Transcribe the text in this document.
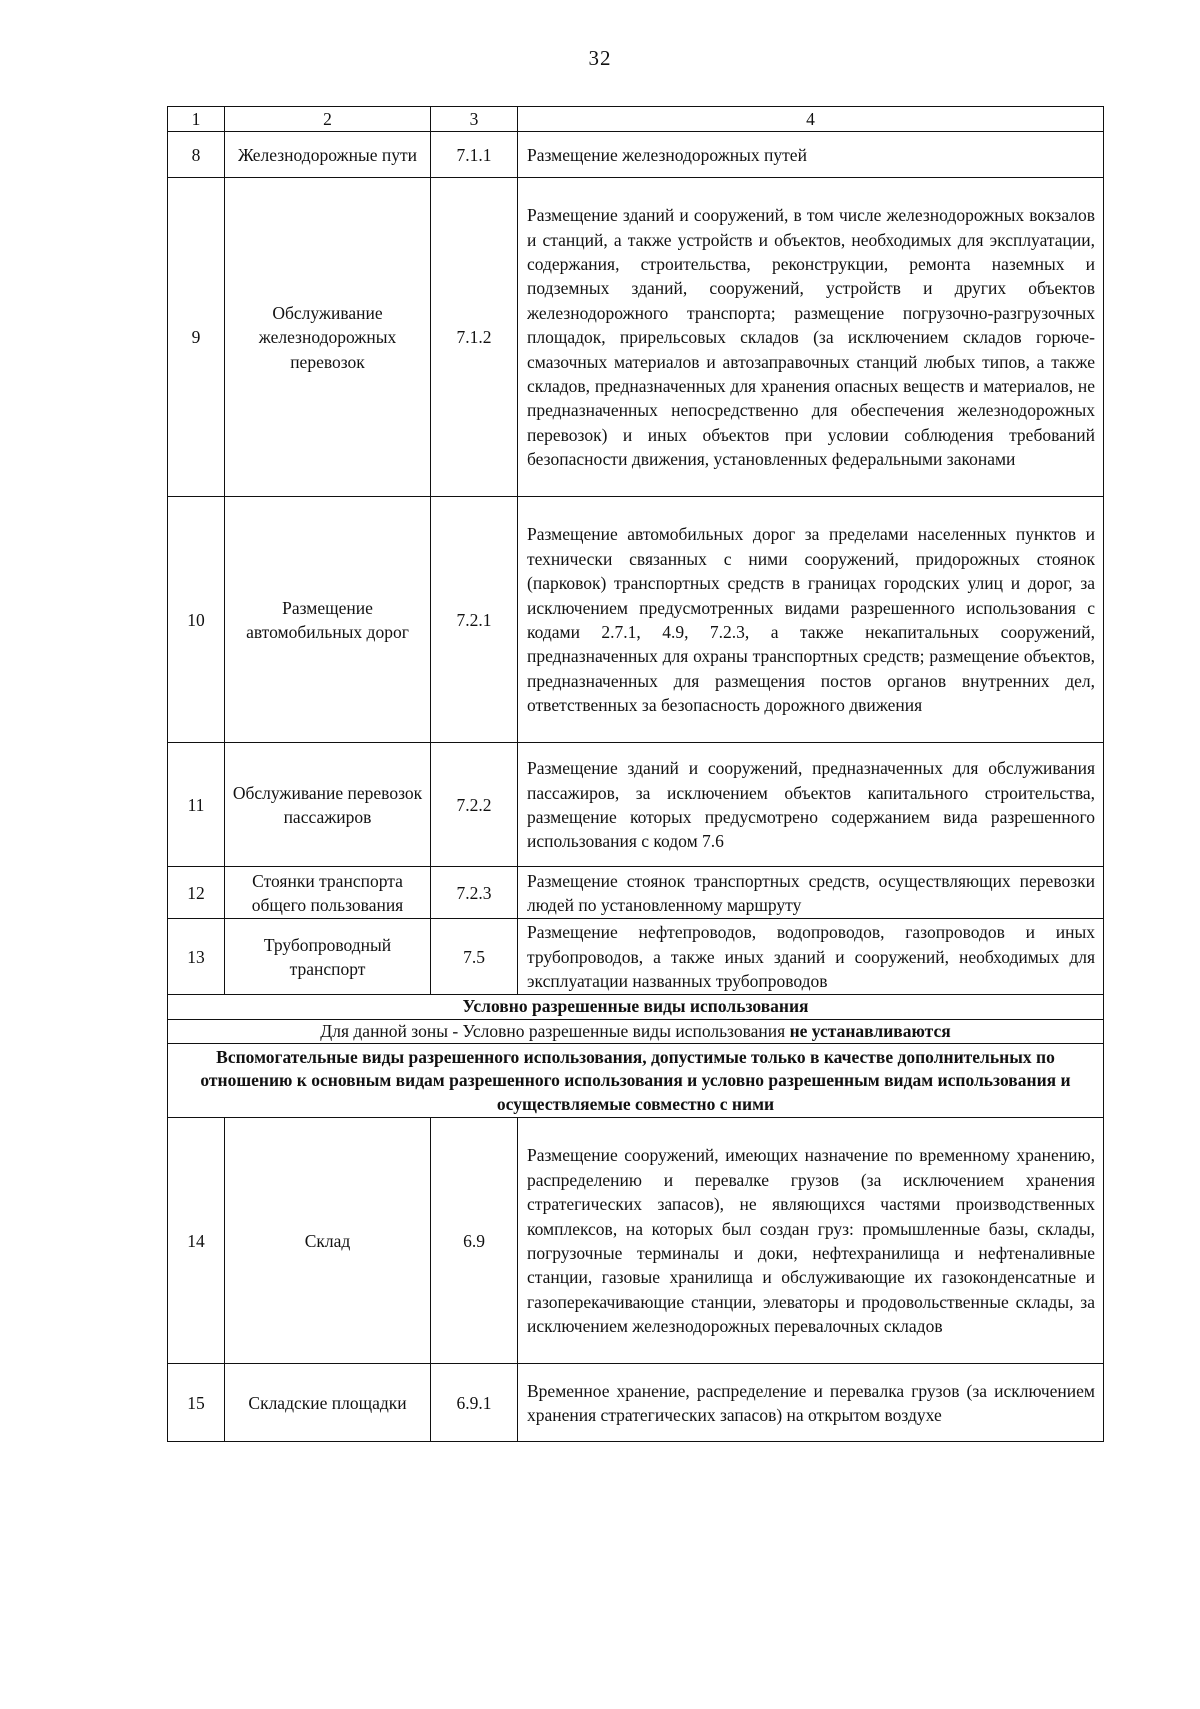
32
1	2	3	4
8	Железнодорожные пути	7.1.1	Размещение железнодорожных путей
9	Обслуживание железнодорожных перевозок	7.1.2	Размещение зданий и сооружений, в том числе железнодорожных вокзалов и станций, а также устройств и объектов, необходимых для эксплуатации, содержания, строительства, реконструкции, ремонта наземных и подземных зданий, сооружений, устройств и других объектов железнодорожного транспорта; размещение погрузочно-разгрузочных площадок, прирельсовых складов (за исключением складов горюче-смазочных материалов и автозаправочных станций любых типов, а также складов, предназначенных для хранения опасных веществ и материалов, не предназначенных непосредственно для обеспечения железнодорожных перевозок) и иных объектов при условии соблюдения требований безопасности движения, установленных федеральными законами
10	Размещение автомобильных дорог	7.2.1	Размещение автомобильных дорог за пределами населенных пунктов и технически связанных с ними сооружений, придорожных стоянок (парковок) транспортных средств в границах городских улиц и дорог, за исключением предусмотренных видами разрешенного использования с кодами 2.7.1, 4.9, 7.2.3, а также некапитальных сооружений, предназначенных для охраны транспортных средств; размещение объектов, предназначенных для размещения постов органов внутренних дел, ответственных за безопасность дорожного движения
11	Обслуживание перевозок пассажиров	7.2.2	Размещение зданий и сооружений, предназначенных для обслуживания пассажиров, за исключением объектов капитального строительства, размещение которых предусмотрено содержанием вида разрешенного использования с кодом 7.6
12	Стоянки транспорта общего пользования	7.2.3	Размещение стоянок транспортных средств, осуществляющих перевозки людей по установленному маршруту
13	Трубопроводный транспорт	7.5	Размещение нефтепроводов, водопроводов, газопроводов и иных трубопроводов, а также иных зданий и сооружений, необходимых для эксплуатации названных трубопроводов
Условно разрешенные виды использования			
Для данной зоны - Условно разрешенные виды использования не устанавливаются			
Вспомогательные виды разрешенного использования, допустимые только в качестве дополнительных по отношению к основным видам разрешенного использования и условно разрешенным видам использования и осуществляемые совместно с ними			
14	Склад	6.9	Размещение сооружений, имеющих назначение по временному хранению, распределению и перевалке грузов (за исключением хранения стратегических запасов), не являющихся частями производственных комплексов, на которых был создан груз: промышленные базы, склады, погрузочные терминалы и доки, нефтехранилища и нефтеналивные станции, газовые хранилища и обслуживающие их газоконденсатные и газоперекачивающие станции, элеваторы и продовольственные склады, за исключением железнодорожных перевалочных складов
15	Складские площадки	6.9.1	Временное хранение, распределение и перевалка грузов (за исключением хранения стратегических запасов) на открытом воздухе
